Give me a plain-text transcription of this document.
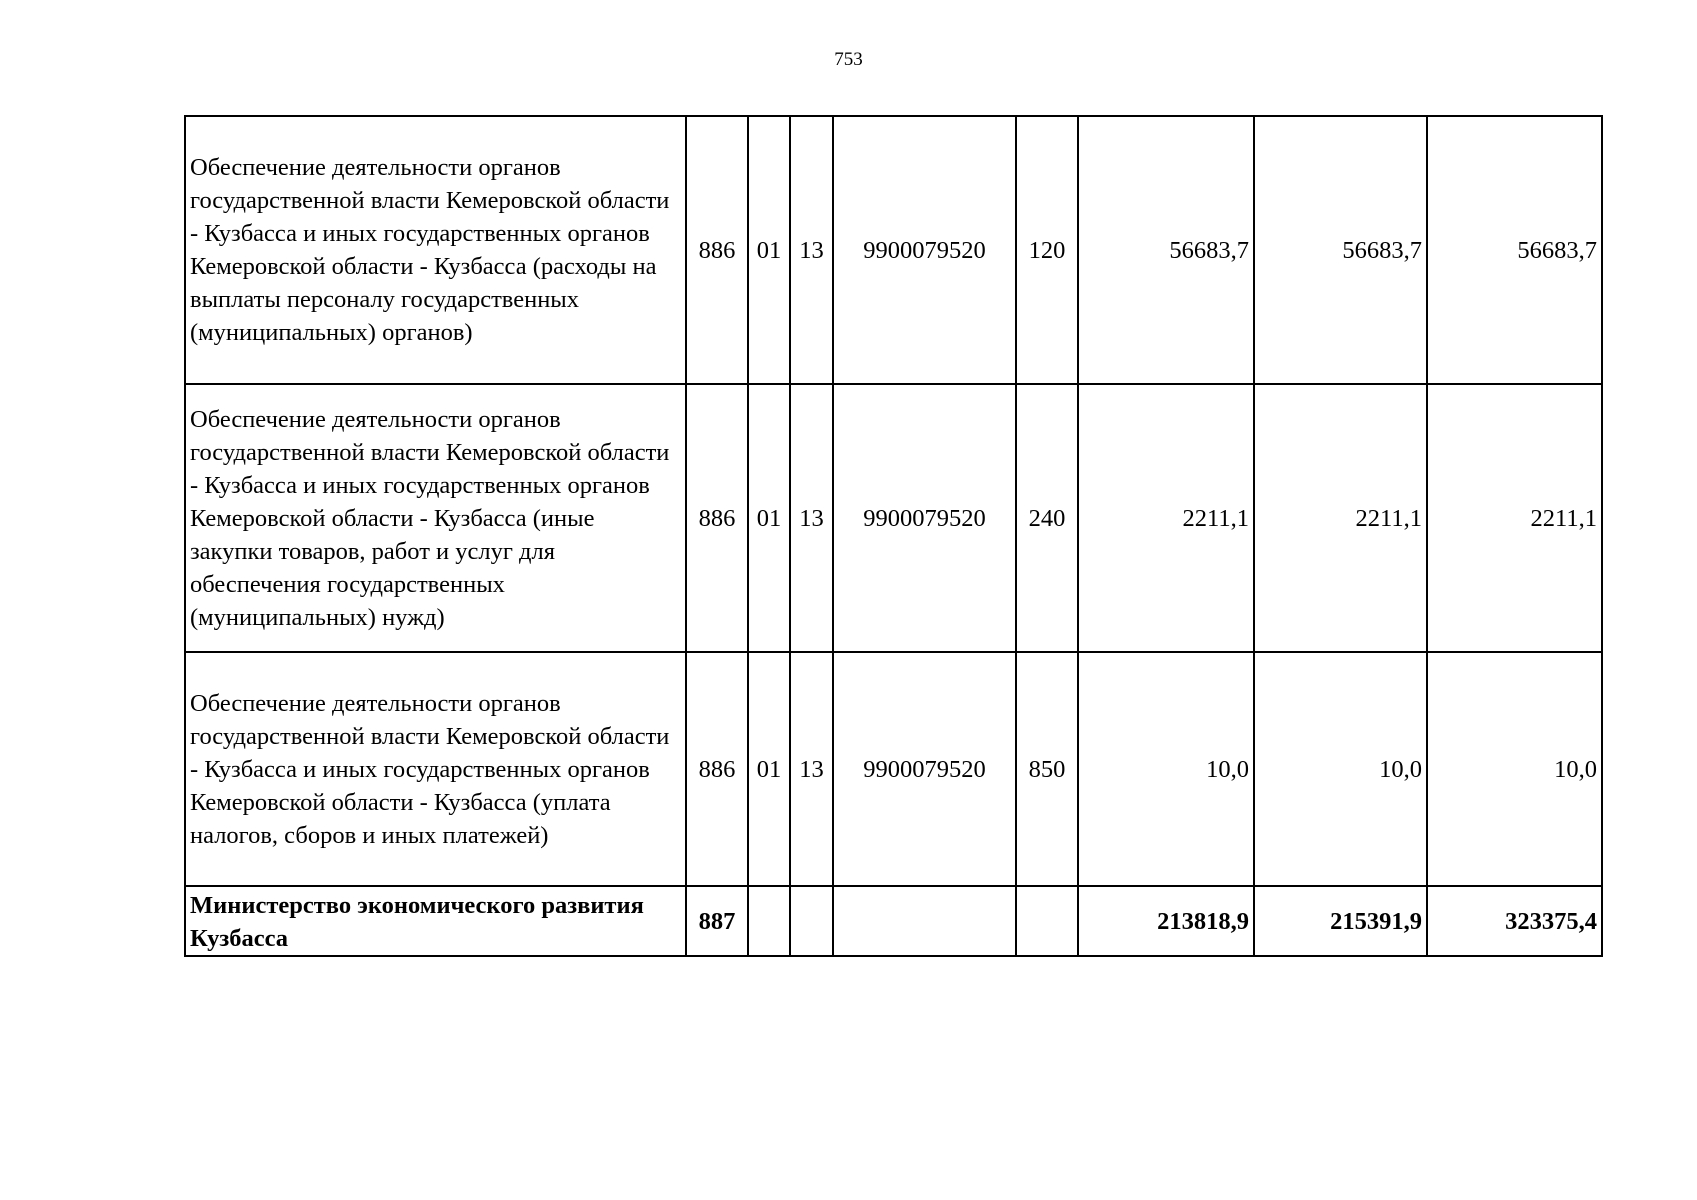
753
Обеспечение деятельности органов государственной власти Кемеровской области - Кузбасса и иных государственных органов Кемеровской области - Кузбасса (расходы на выплаты персоналу государственных (муниципальных) органов)	886	01	13	9900079520	120	56683,7	56683,7	56683,7
Обеспечение деятельности органов государственной власти Кемеровской области - Кузбасса и иных государственных органов Кемеровской области - Кузбасса (иные закупки товаров, работ и услуг для обеспечения государственных (муниципальных) нужд)	886	01	13	9900079520	240	2211,1	2211,1	2211,1
Обеспечение деятельности органов государственной власти Кемеровской области - Кузбасса и иных государственных органов Кемеровской области - Кузбасса (уплата налогов, сборов и иных платежей)	886	01	13	9900079520	850	10,0	10,0	10,0
Министерство экономического развития Кузбасса	887					213818,9	215391,9	323375,4
